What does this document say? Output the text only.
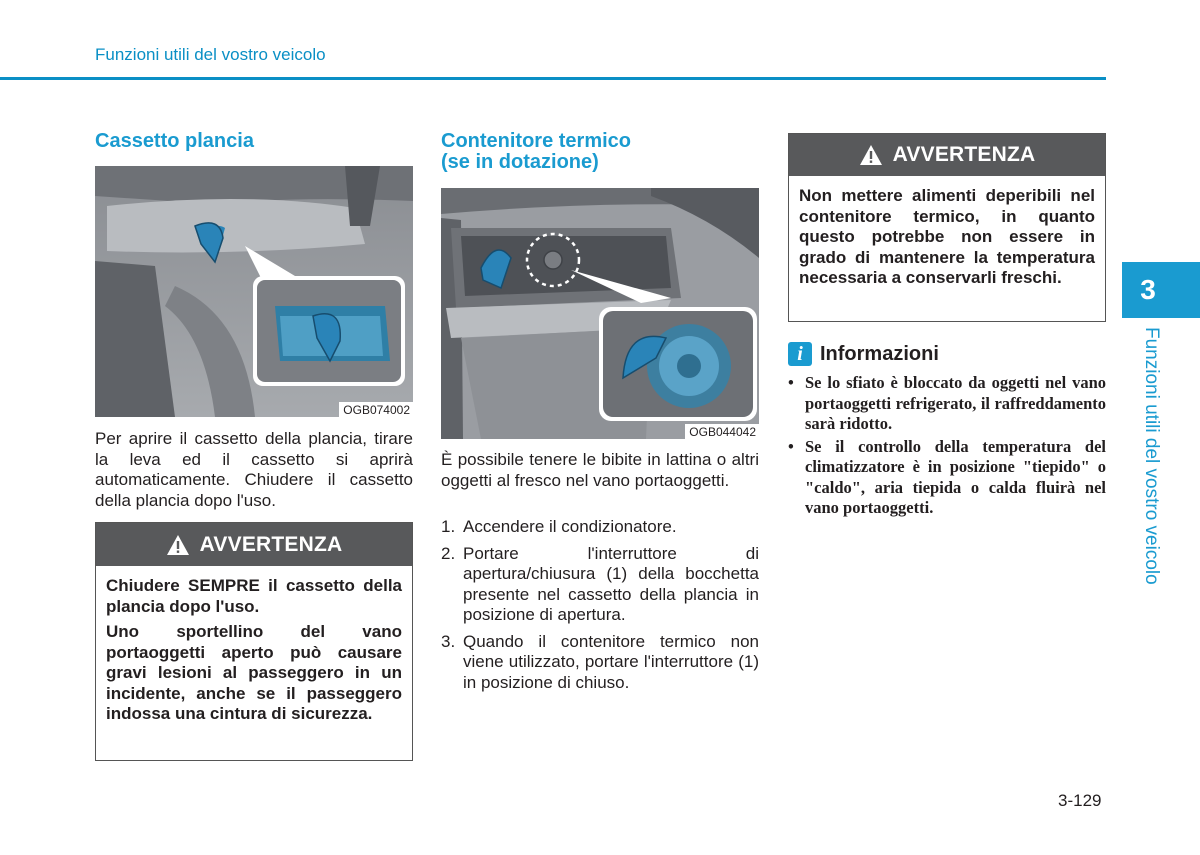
Funzioni utili del vostro veicolo
Cassetto plancia
OGB074002

Per aprire il cassetto della plancia, tirare la leva ed il cassetto si aprirà automaticamente. Chiudere il cassetto della plancia dopo l'uso.

AVVERTENZA

Chiudere SEMPRE il cassetto della plancia dopo l'uso.

Uno sportellino del vano portaoggetti aperto può causare gravi lesioni al passeggero in un incidente, anche se il passeggero indossa una cintura di sicurezza.

Contenitore termico
(se in dotazione)
OGB044042

È possibile tenere le bibite in lattina o altri oggetti al fresco nel vano portaoggetti.

1. Accendere il condizionatore.
2. Portare l'interruttore di apertura/chiusura (1) della bocchetta presente nel cassetto della plancia in posizione di apertura.
3. Quando il contenitore termico non viene utilizzato, portare l'interruttore (1) in posizione di chiuso.
AVVERTENZA

Non mettere alimenti deperibili nel contenitore termico, in quanto questo potrebbe non essere in grado di mantenere la temperatura necessaria a conservarli freschi.

i Informazioni
• Se lo sfiato è bloccato da oggetti nel vano portaoggetti refrigerato, il raffreddamento sarà ridotto.
• Se il controllo della temperatura del climatizzatore è in posizione "tiepido" o "caldo", aria tiepida o calda fluirà nel vano portaoggetti.
3
Funzioni utili del vostro veicolo
3-129
